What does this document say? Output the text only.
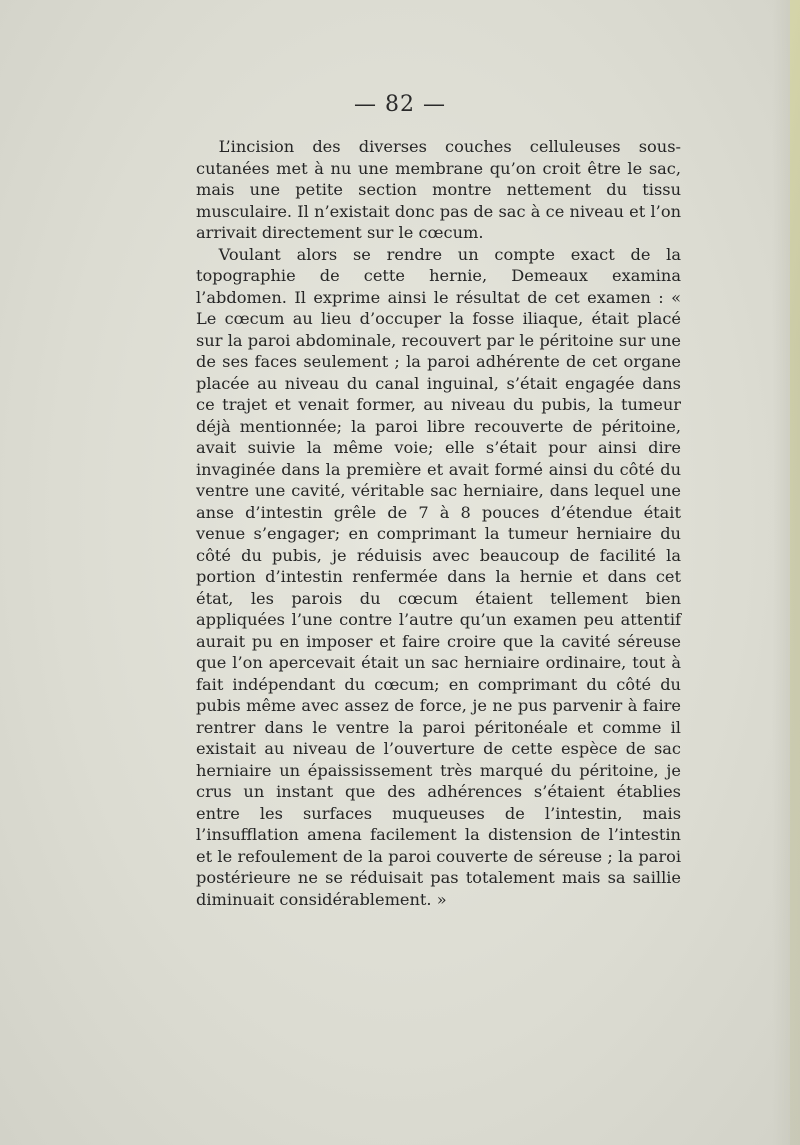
— 82 —

L’incision des diverses couches celluleuses sous-cutanées met à nu une membrane qu’on croit être le sac, mais une petite section montre nettement du tissu musculaire. Il n’existait donc pas de sac à ce niveau et l’on arrivait directement sur le cœcum.

Voulant alors se rendre un compte exact de la topographie de cette hernie, Demeaux examina l’abdomen. Il exprime ainsi le résultat de cet examen : « Le cœcum au lieu d’occuper la fosse iliaque, était placé sur la paroi abdominale, recouvert par le péritoine sur une de ses faces seulement ; la paroi adhérente de cet organe placée au niveau du canal inguinal, s’était engagée dans ce trajet et venait former, au niveau du pubis, la tumeur déjà mentionnée; la paroi libre recouverte de péritoine, avait suivie la même voie; elle s’était pour ainsi dire invaginée dans la première et avait formé ainsi du côté du ventre une cavité, véritable sac herniaire, dans lequel une anse d’intestin grêle de 7 à 8 pouces d’étendue était venue s’engager; en comprimant la tumeur herniaire du côté du pubis, je réduisis avec beaucoup de facilité la portion d’intestin renfermée dans la hernie et dans cet état, les parois du cœcum étaient tellement bien appliquées l’une contre l’autre qu’un examen peu attentif aurait pu en imposer et faire croire que la cavité séreuse que l’on apercevait était un sac herniaire ordinaire, tout à fait indépendant du cœcum; en comprimant du côté du pubis même avec assez de force, je ne pus parvenir à faire rentrer dans le ventre la paroi péritonéale et comme il existait au niveau de l’ouverture de cette espèce de sac herniaire un épaississement très marqué du péritoine, je crus un instant que des adhérences s’étaient établies entre les surfaces muqueuses de l’intestin, mais l’insufflation amena facilement la distension de l’intestin et le refoulement de la paroi couverte de séreuse ; la paroi postérieure ne se réduisait pas totalement mais sa saillie diminuait considérablement. »
